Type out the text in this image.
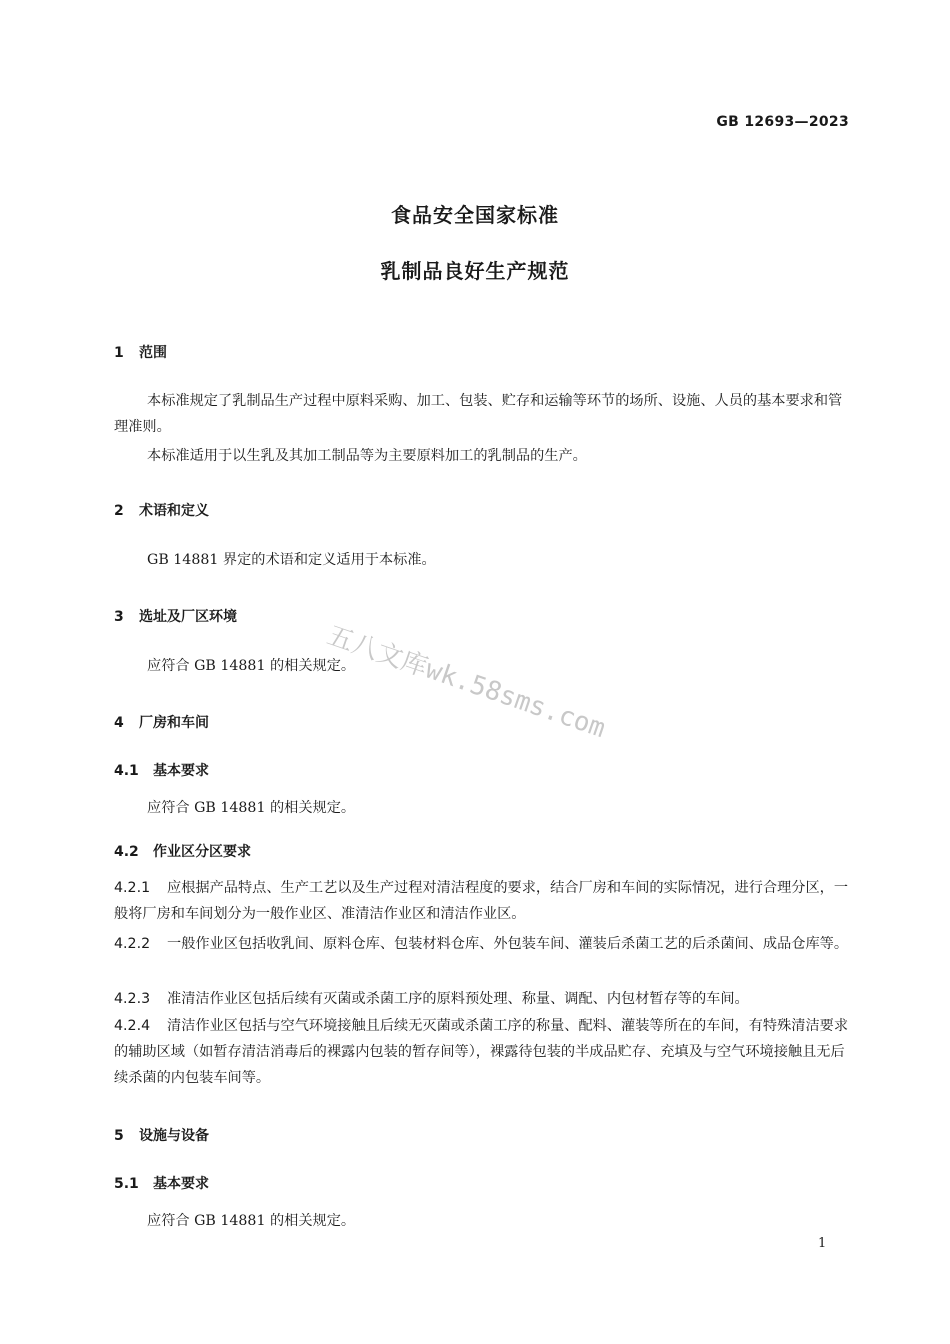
GB 12693—2023
食品安全国家标准
乳制品良好生产规范
1 范围
本标准规定了乳制品生产过程中原料采购、加工、包装、贮存和运输等环节的场所、设施、人员的基本要求和管理准则。
本标准适用于以生乳及其加工制品等为主要原料加工的乳制品的生产。
2 术语和定义
GB 14881 界定的术语和定义适用于本标准。
3 选址及厂区环境
应符合 GB 14881 的相关规定。
4 厂房和车间
4.1 基本要求
应符合 GB 14881 的相关规定。
4.2 作业区分区要求
4.2.1 应根据产品特点、生产工艺以及生产过程对清洁程度的要求，结合厂房和车间的实际情况，进行合理分区，一般将厂房和车间划分为一般作业区、准清洁作业区和清洁作业区。
4.2.2 一般作业区包括收乳间、原料仓库、包装材料仓库、外包装车间、灌装后杀菌工艺的后杀菌间、成品仓库等。
4.2.3 准清洁作业区包括后续有灭菌或杀菌工序的原料预处理、称量、调配、内包材暂存等的车间。
4.2.4 清洁作业区包括与空气环境接触且后续无灭菌或杀菌工序的称量、配料、灌装等所在的车间，有特殊清洁要求的辅助区域（如暂存清洁消毒后的裸露内包装的暂存间等），裸露待包装的半成品贮存、充填及与空气环境接触且无后续杀菌的内包装车间等。
5 设施与设备
5.1 基本要求
应符合 GB 14881 的相关规定。
1
五八文库wk.58sms.com
